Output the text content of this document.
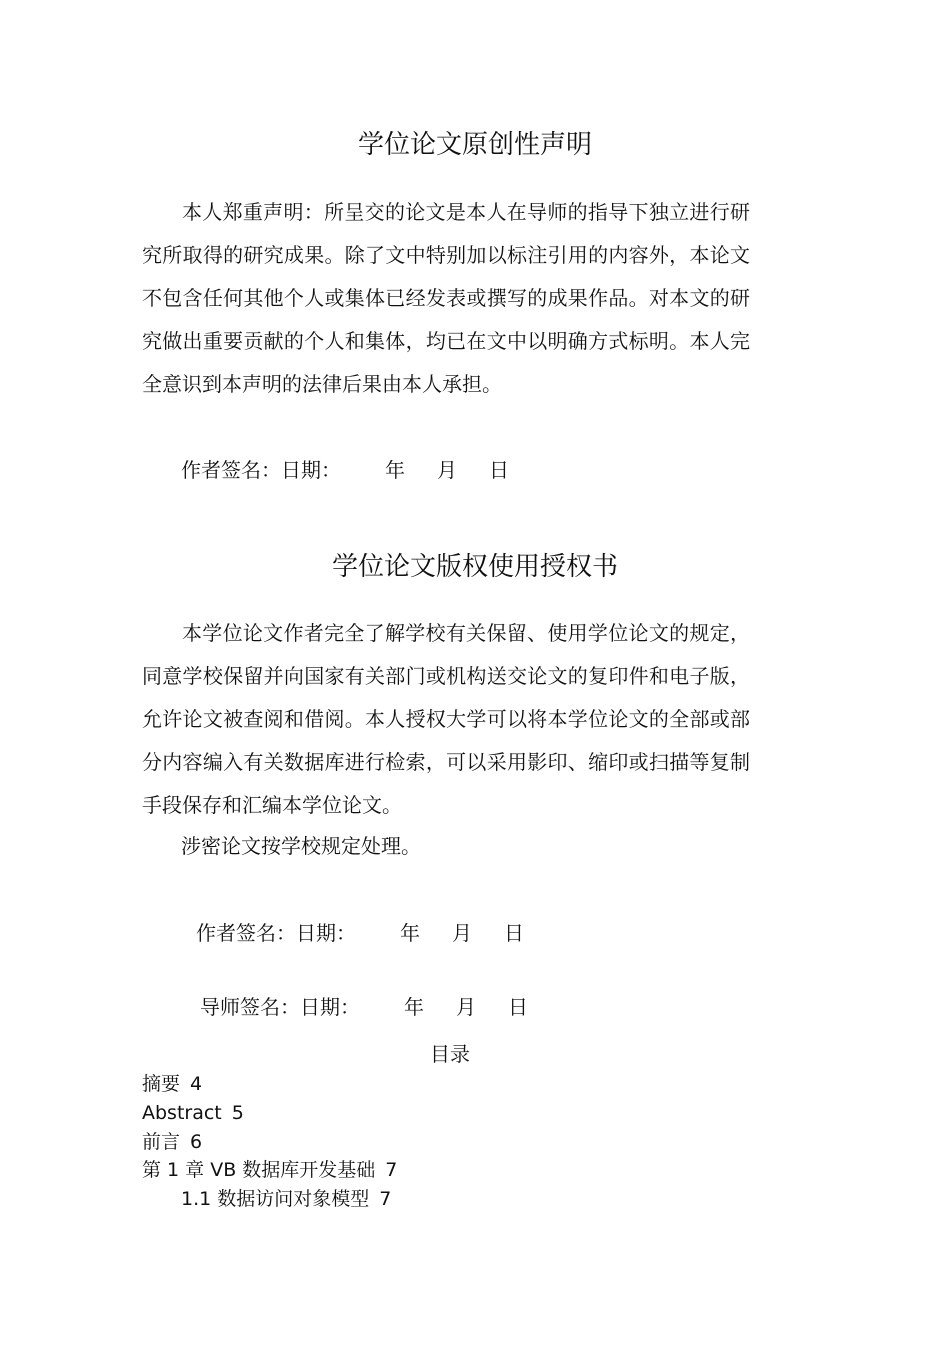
学位论文原创性声明

本人郑重声明：所呈交的论文是本人在导师的指导下独立进行研究所取得的研究成果。除了文中特别加以标注引用的内容外，本论文不包含任何其他个人或集体已经发表或撰写的成果作品。对本文的研究做出重要贡献的个人和集体，均已在文中以明确方式标明。本人完全意识到本声明的法律后果由本人承担。

作者签名：日期： 年 月 日
学位论文版权使用授权书

本学位论文作者完全了解学校有关保留、使用学位论文的规定，同意学校保留并向国家有关部门或机构送交论文的复印件和电子版，允许论文被查阅和借阅。本人授权大学可以将本学位论文的全部或部分内容编入有关数据库进行检索，可以采用影印、缩印或扫描等复制手段保存和汇编本学位论文。

涉密论文按学校规定处理。
作者签名：日期： 年 月 日
导师签名：日期： 年 月 日
目录
摘要 4
Abstract 5
前言 6
第 1 章 VB 数据库开发基础 7
1.1 数据访问对象模型 7
